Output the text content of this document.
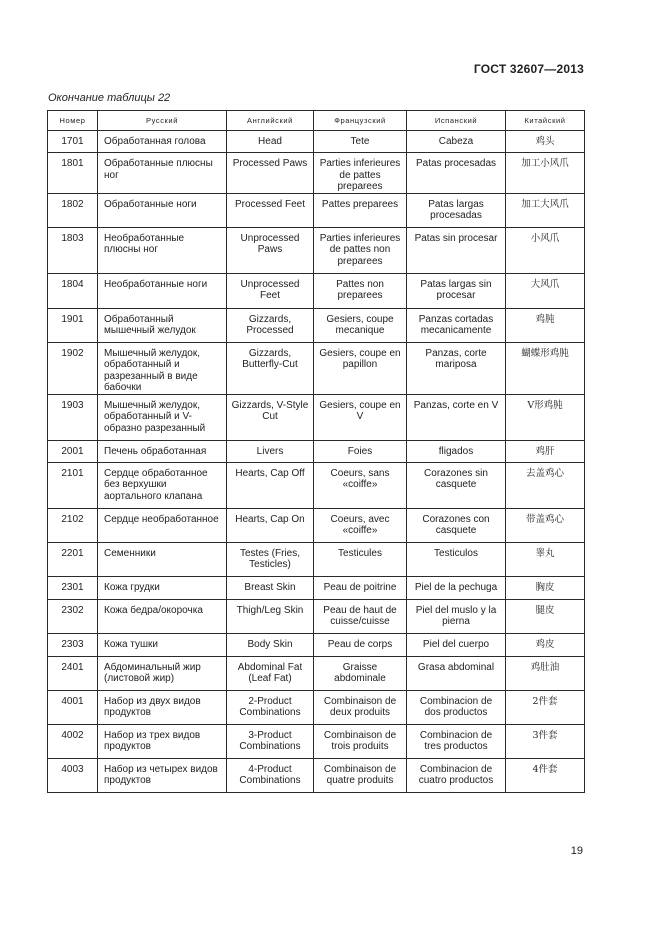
ГОСТ 32607—2013
Окончание таблицы 22
Номер	Русский	Английский	Французский	Испанский	Китайский
1701	Обработанная голова	Head	Tete	Cabeza	鸡头
1801	Обработанные плюсны ног	Processed Paws	Parties inferieures de pattes preparees	Patas procesadas	加工小风爪
1802	Обработанные ноги	Processed Feet	Pattes preparees	Patas largas procesadas	加工大风爪
1803	Необработанные плюсны ног	Unprocessed Paws	Parties inferieures de pattes non preparees	Patas sin procesar	小风爪
1804	Необработанные ноги	Unprocessed Feet	Pattes non preparees	Patas largas sin procesar	大风爪
1901	Обработанный мышечный желудок	Gizzards, Processed	Gesiers, coupe mecanique	Panzas cortadas mecanicamente	鸡肫
1902	Мышечный желудок, обработанный и разрезанный в виде бабочки	Gizzards, Butterfly-Cut	Gesiers, coupe en papillon	Panzas, corte mariposa	蝴蝶形鸡肫
1903	Мышечный желудок, обработанный и V-образно разрезанный	Gizzards, V-Style Cut	Gesiers, coupe en V	Panzas, corte en V	V形鸡肫
2001	Печень обработанная	Livers	Foies	fligados	鸡肝
2101	Сердце обработанное без верхушки аортального клапана	Hearts, Cap Off	Coeurs, sans «coiffe»	Corazones sin casquete	去盖鸡心
2102	Сердце необработанное	Hearts, Cap On	Coeurs, avec «coiffe»	Corazones con casquete	带盖鸡心
2201	Семенники	Testes (Fries, Testicles)	Testicules	Testiculos	睾丸
2301	Кожа грудки	Breast Skin	Peau de poitrine	Piel de la pechuga	胸皮
2302	Кожа бедра/окорочка	Thigh/Leg Skin	Peau de haut de cuisse/cuisse	Piel del muslo y la pierna	腿皮
2303	Кожа тушки	Body Skin	Peau de corps	Piel del cuerpo	鸡皮
2401	Абдоминальный жир (листовой жир)	Abdominal Fat (Leaf Fat)	Graisse abdominale	Grasa abdominal	鸡肚油
4001	Набор из двух видов продуктов	2-Product Combinations	Combinaison de deux produits	Combinacion de dos productos	2件套
4002	Набор из трех видов продуктов	3-Product Combinations	Combinaison de trois produits	Combinacion de tres productos	3件套
4003	Набор из четырех видов продуктов	4-Product Combinations	Combinaison de quatre produits	Combinacion de cuatro productos	4件套
19
